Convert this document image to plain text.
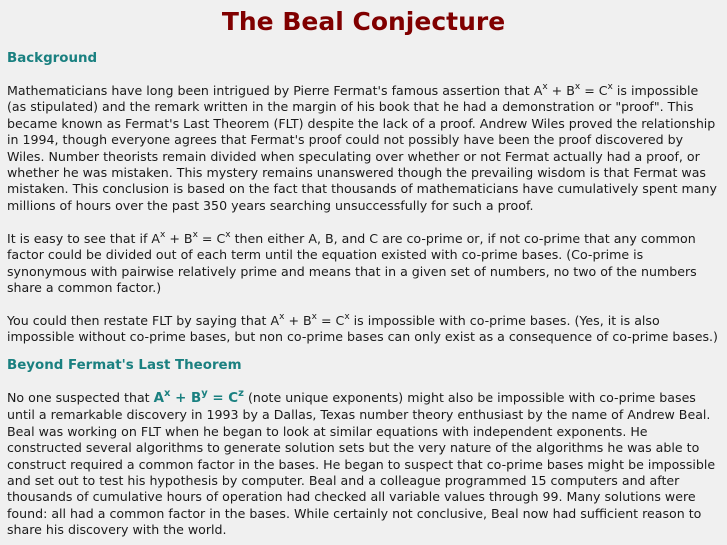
The Beal Conjecture
Background

Mathematicians have long been intrigued by Pierre Fermat's famous assertion that $A^x + B^x = C^x$ is impossible (as stipulated) and the remark written in the margin of his book that he had a demonstration or "proof". This became known as Fermat's Last Theorem (FLT) despite the lack of a proof. Andrew Wiles proved the relationship in 1994, though everyone agrees that Fermat's proof could not possibly have been the proof discovered by Wiles. Number theorists remain divided when speculating over whether or not Fermat actually had a proof, or whether he was mistaken. This mystery remains unanswered though the prevailing wisdom is that Fermat was mistaken. This conclusion is based on the fact that thousands of mathematicians have cumulatively spent many millions of hours over the past 350 years searching unsuccessfully for such a proof.

It is easy to see that if $A^x + B^x = C^x$ then either A, B, and C are co-prime or, if not co-prime that any common factor could be divided out of each term until the equation existed with co-prime bases. (Co-prime is synonymous with pairwise relatively prime and means that in a given set of numbers, no two of the numbers share a common factor.)

You could then restate FLT by saying that $A^x + B^x = C^x$ is impossible with co-prime bases. (Yes, it is also impossible without co-prime bases, but non co-prime bases can only exist as a consequence of co-prime bases.)

Beyond Fermat's Last Theorem

No one suspected that $A^x + B^y = C^z$ (note unique exponents) might also be impossible with co-prime bases until a remarkable discovery in 1993 by a Dallas, Texas number theory enthusiast by the name of Andrew Beal. Beal was working on FLT when he began to look at similar equations with independent exponents. He constructed several algorithms to generate solution sets but the very nature of the algorithms he was able to construct required a common factor in the bases. He began to suspect that co-prime bases might be impossible and set out to test his hypothesis by computer. Beal and a colleague programmed 15 computers and after thousands of cumulative hours of operation had checked all variable values through 99. Many solutions were found: all had a common factor in the bases. While certainly not conclusive, Beal now had sufficient reason to share his discovery with the world.
